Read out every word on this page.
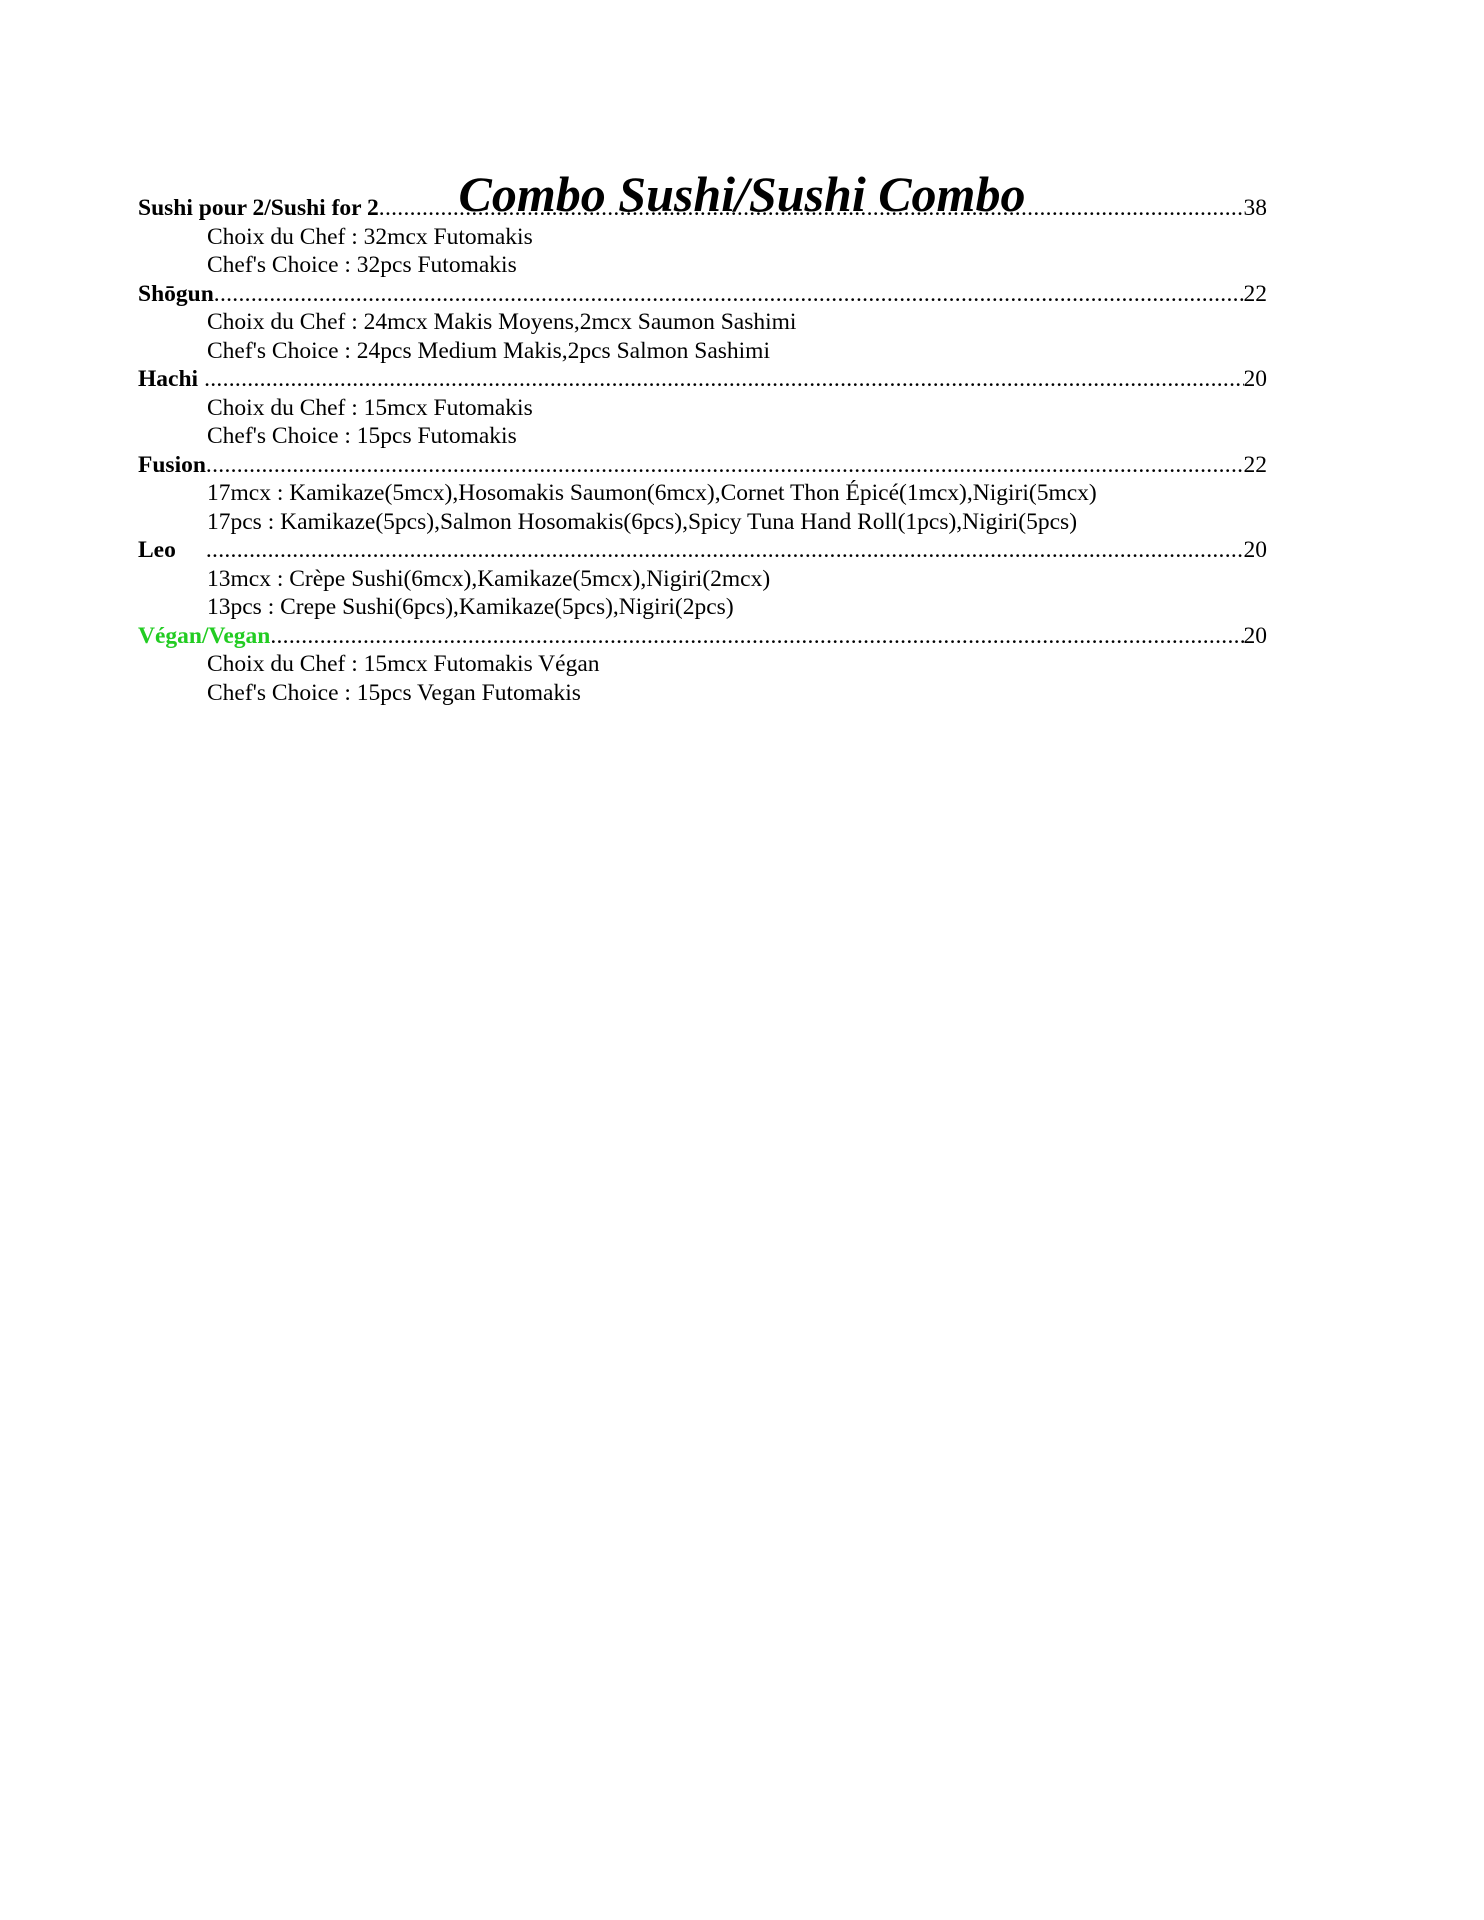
Combo Sushi/Sushi Combo
Sushi pour 2/Sushi for 2 .....	38
Choix du Chef : 32mcx Futomakis
Chef's Choice : 32pcs Futomakis
Shōgun .....	22
Choix du Chef : 24mcx Makis Moyens,2mcx Saumon Sashimi
Chef's Choice : 24pcs Medium Makis,2pcs Salmon Sashimi
Hachi .....	20
Choix du Chef : 15mcx Futomakis
Chef's Choice : 15pcs Futomakis
Fusion .....	22
17mcx : Kamikaze(5mcx),Hosomakis Saumon(6mcx),Cornet Thon Épicé(1mcx),Nigiri(5mcx)
17pcs : Kamikaze(5pcs),Salmon Hosomakis(6pcs),Spicy Tuna Hand Roll(1pcs),Nigiri(5pcs)
Leo .....	20
13mcx : Crèpe Sushi(6mcx),Kamikaze(5mcx),Nigiri(2mcx)
13pcs : Crepe Sushi(6pcs),Kamikaze(5pcs),Nigiri(2pcs)
Végan/Vegan .....	20
Choix du Chef : 15mcx Futomakis Végan
Chef's Choice : 15pcs Vegan Futomakis
